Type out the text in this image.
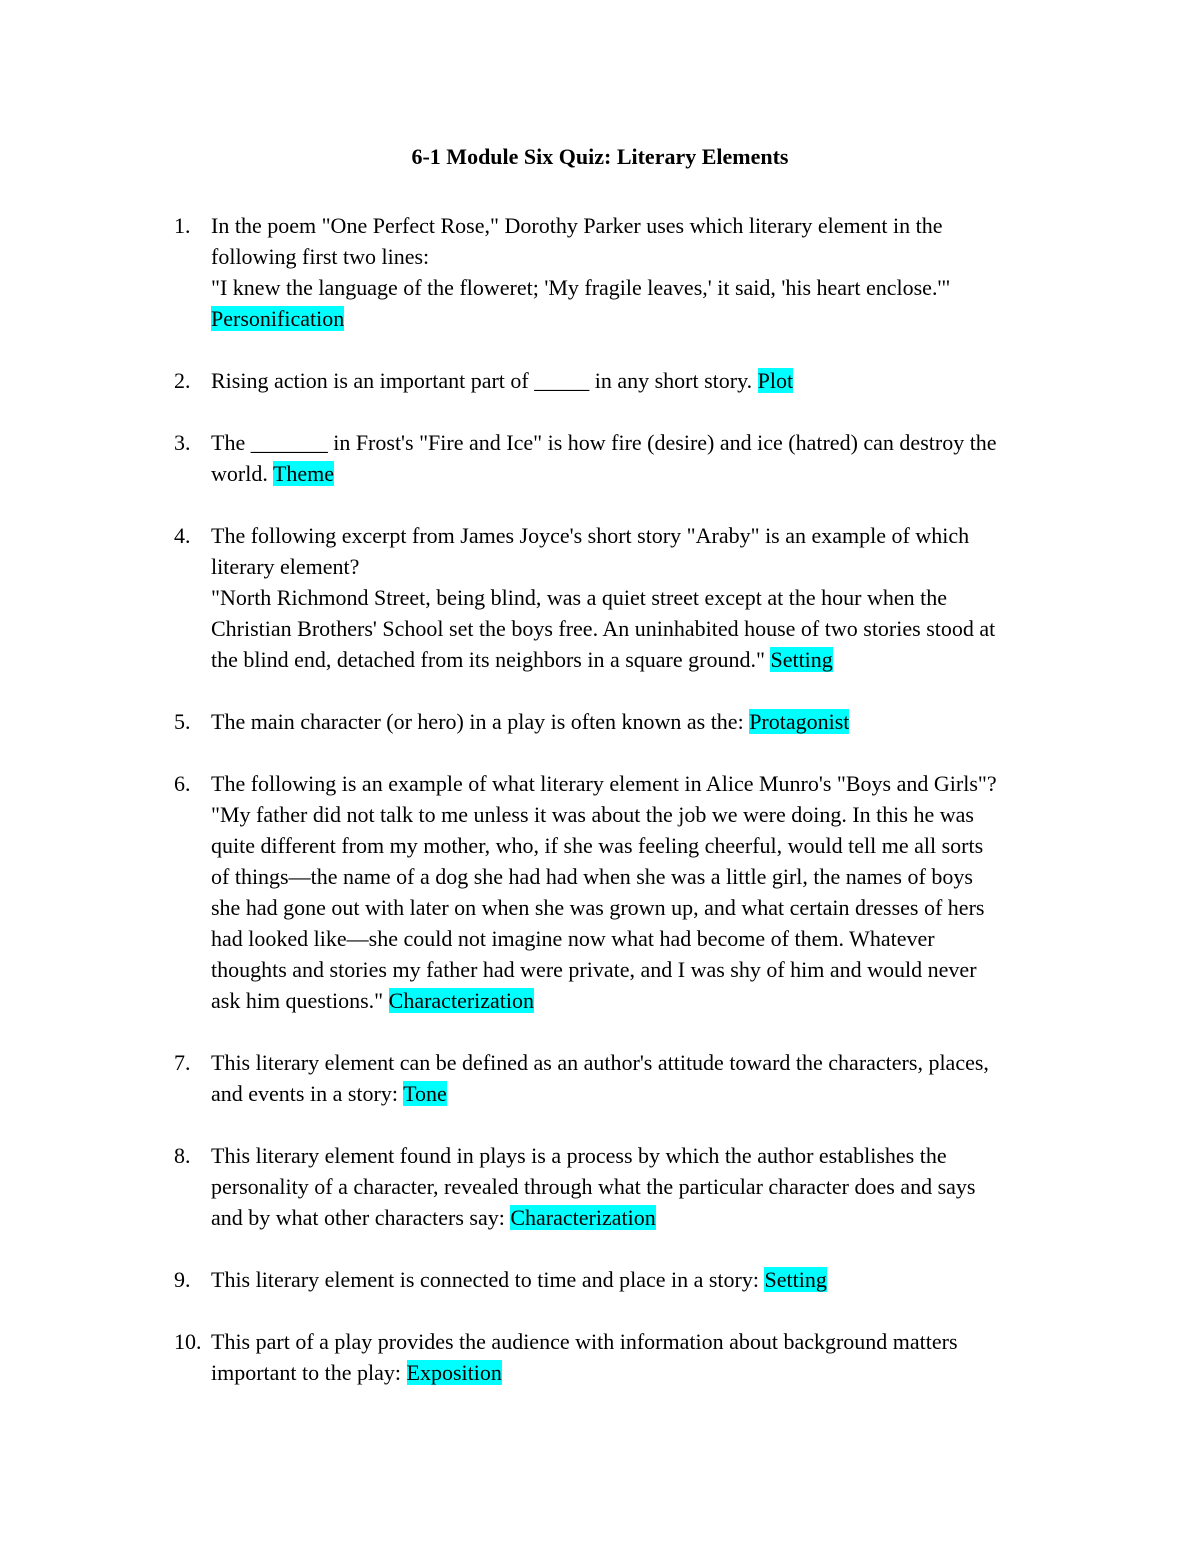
6-1 Module Six Quiz: Literary Elements
1. In the poem "One Perfect Rose," Dorothy Parker uses which literary element in the
following first two lines:
"I knew the language of the floweret; 'My fragile leaves,' it said, 'his heart enclose.'"
Personification
2. Rising action is an important part of _____ in any short story. Plot
3. The _______ in Frost's "Fire and Ice" is how fire (desire) and ice (hatred) can destroy the
world. Theme
4. The following excerpt from James Joyce's short story "Araby" is an example of which
literary element?
"North Richmond Street, being blind, was a quiet street except at the hour when the
Christian Brothers' School set the boys free. An uninhabited house of two stories stood at
the blind end, detached from its neighbors in a square ground." Setting
5. The main character (or hero) in a play is often known as the: Protagonist
6. The following is an example of what literary element in Alice Munro's "Boys and Girls"?
"My father did not talk to me unless it was about the job we were doing. In this he was
quite different from my mother, who, if she was feeling cheerful, would tell me all sorts
of things—the name of a dog she had had when she was a little girl, the names of boys
she had gone out with later on when she was grown up, and what certain dresses of hers
had looked like—she could not imagine now what had become of them. Whatever
thoughts and stories my father had were private, and I was shy of him and would never
ask him questions." Characterization
7. This literary element can be defined as an author's attitude toward the characters, places,
and events in a story: Tone
8. This literary element found in plays is a process by which the author establishes the
personality of a character, revealed through what the particular character does and says
and by what other characters say: Characterization
9. This literary element is connected to time and place in a story: Setting
10. This part of a play provides the audience with information about background matters
important to the play: Exposition
